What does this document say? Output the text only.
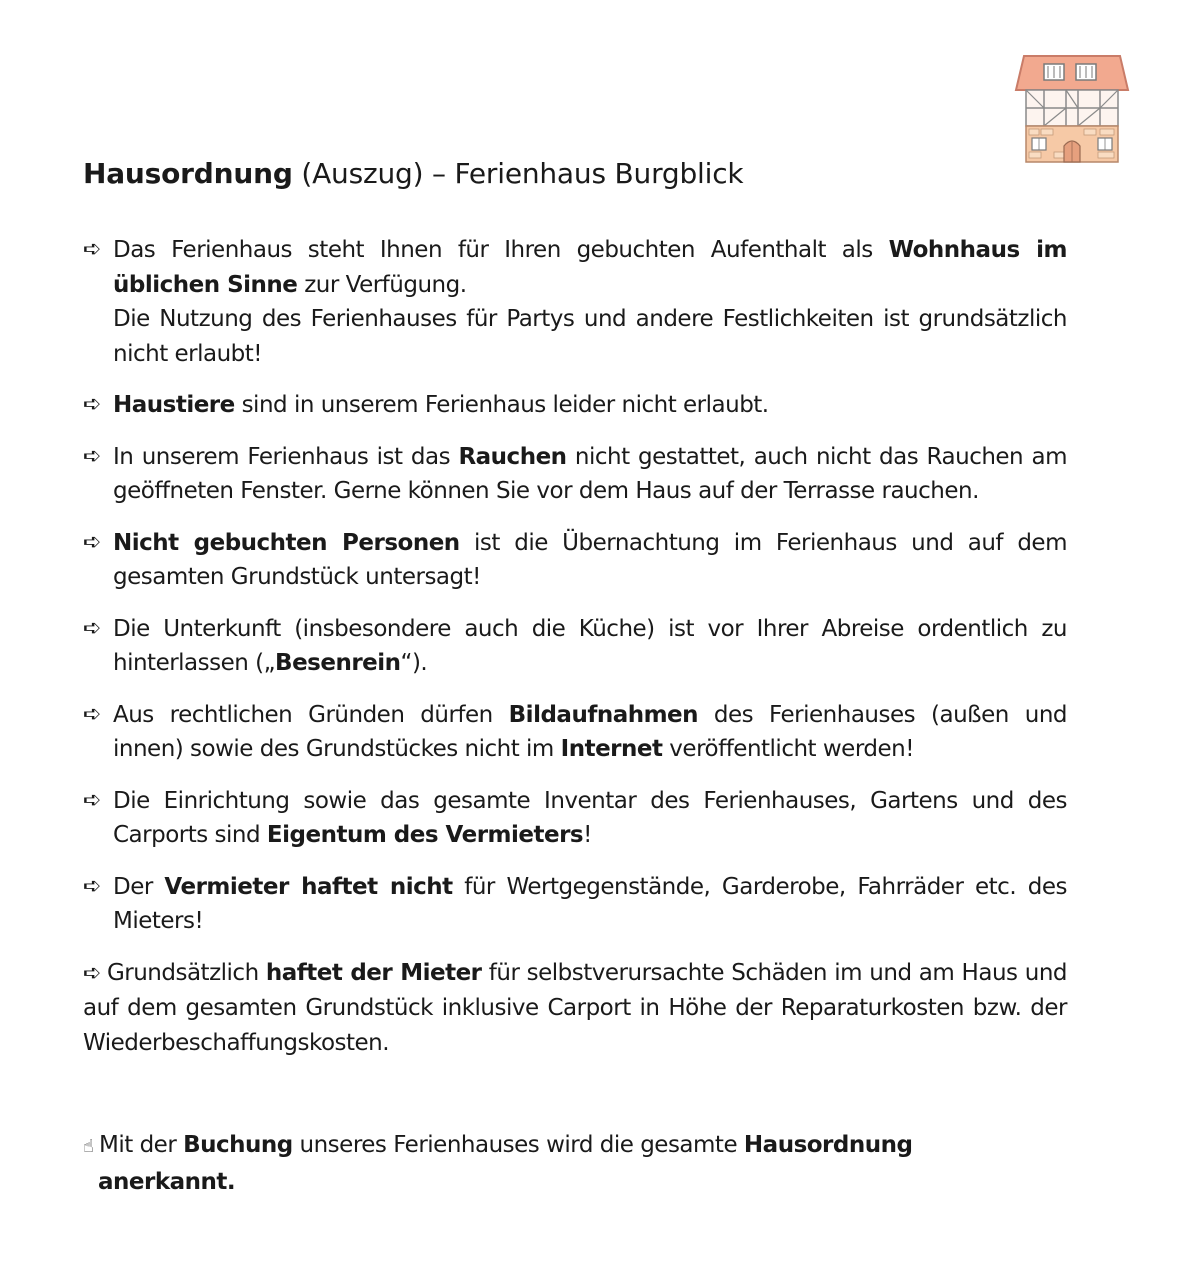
Hausordnung (Auszug) – Ferienhaus Burgblick
➪ Das Ferienhaus steht Ihnen für Ihren gebuchten Aufenthalt als Wohnhaus im üblichen Sinne zur Verfügung.
Die Nutzung des Ferienhauses für Partys und andere Festlichkeiten ist grundsätzlich nicht erlaubt!
➪ Haustiere sind in unserem Ferienhaus leider nicht erlaubt.
➪ In unserem Ferienhaus ist das Rauchen nicht gestattet, auch nicht das Rauchen am geöffneten Fenster. Gerne können Sie vor dem Haus auf der Terrasse rauchen.
➪ Nicht gebuchten Personen ist die Übernachtung im Ferienhaus und auf dem gesamten Grundstück untersagt!
➪ Die Unterkunft (insbesondere auch die Küche) ist vor Ihrer Abreise ordentlich zu hinterlassen („Besenrein“).
➪ Aus rechtlichen Gründen dürfen Bildaufnahmen des Ferienhauses (außen und innen) sowie des Grundstückes nicht im Internet veröffentlicht werden!
➪ Die Einrichtung sowie das gesamte Inventar des Ferienhauses, Gartens und des Carports sind Eigentum des Vermieters!
➪ Der Vermieter haftet nicht für Wertgegenstände, Garderobe, Fahrräder etc. des Mieters!
➪ Grundsätzlich haftet der Mieter für selbstverursachte Schäden im und am Haus und auf dem gesamten Grundstück inklusive Carport in Höhe der Reparaturkosten bzw. der Wiederbeschaffungskosten.
☝ Mit der Buchung unseres Ferienhauses wird die gesamte Hausordnung
anerkannt.
